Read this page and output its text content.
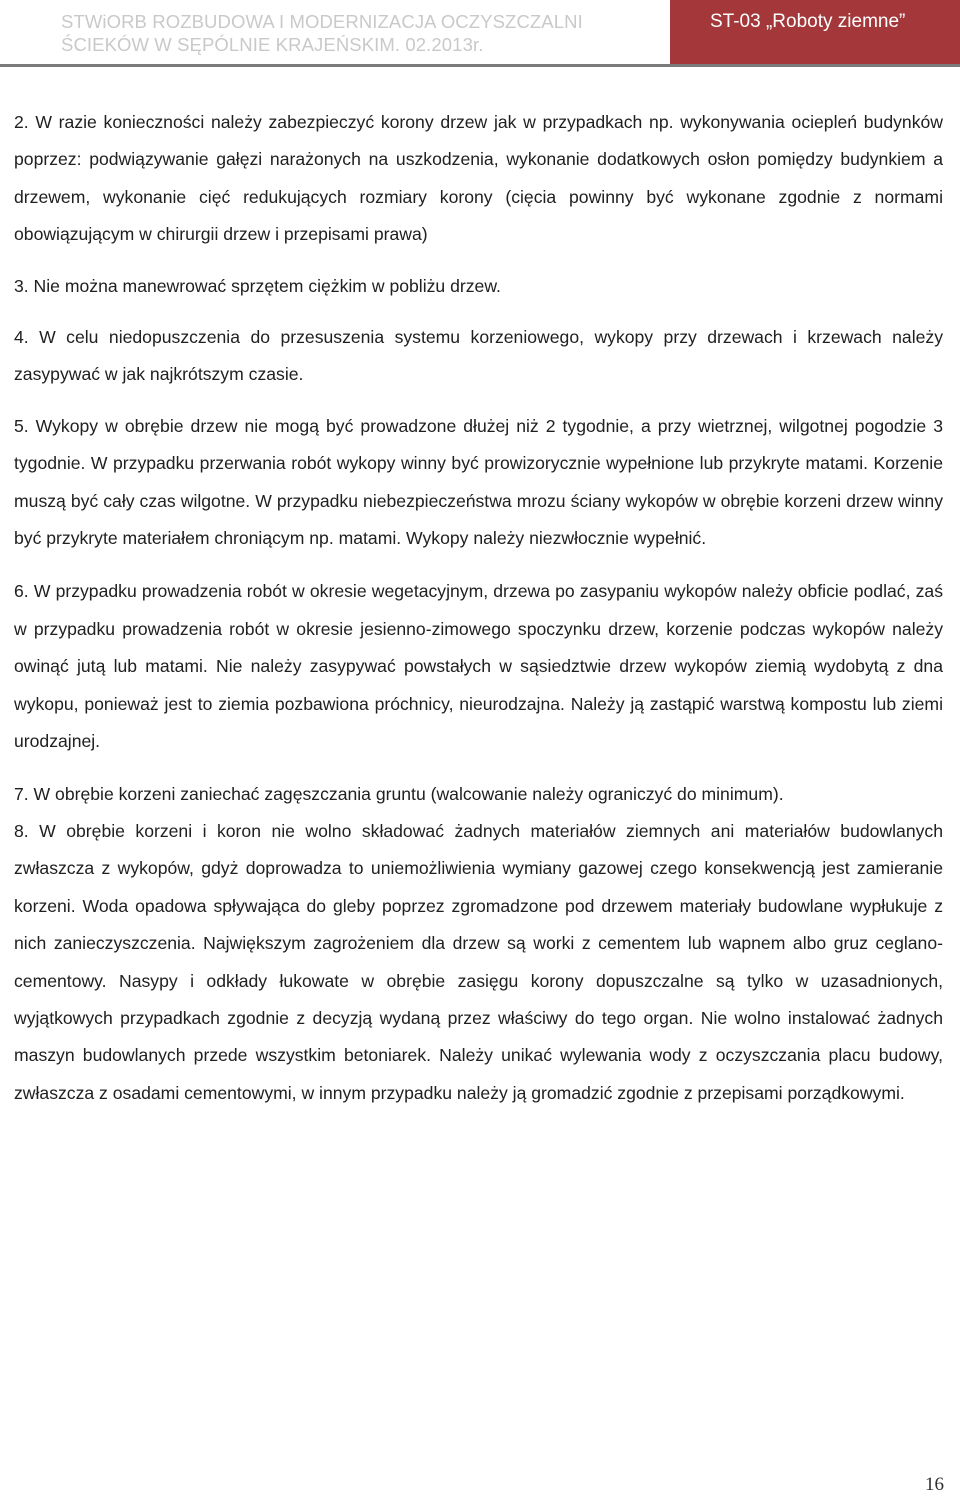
STWiORB ROZBUDOWA I MODERNIZACJA OCZYSZCZALNI
ŚCIEKÓW W SĘPÓLNIE KRAJEŃSKIM. 02.2013r.
ST-03 „Roboty ziemne”

2. W razie konieczności należy zabezpieczyć korony drzew jak w przypadkach np. wykonywania ociepleń budynków poprzez: podwiązywanie gałęzi narażonych na uszkodzenia, wykonanie dodatkowych osłon pomiędzy budynkiem a drzewem, wykonanie cięć redukujących rozmiary korony (cięcia powinny być wykonane zgodnie z normami obowiązującym w chirurgii drzew i przepisami prawa)

3. Nie można manewrować sprzętem ciężkim w pobliżu drzew.

4. W celu niedopuszczenia do przesuszenia systemu korzeniowego, wykopy przy drzewach i krzewach należy zasypywać w jak najkrótszym czasie.

5. Wykopy w obrębie drzew nie mogą być prowadzone dłużej niż 2 tygodnie, a przy wietrznej, wilgotnej pogodzie 3 tygodnie. W przypadku przerwania robót wykopy winny być prowizorycznie wypełnione lub przykryte matami. Korzenie muszą być cały czas wilgotne. W przypadku niebezpieczeństwa mrozu ściany wykopów w obrębie korzeni drzew winny być przykryte materiałem chroniącym np. matami. Wykopy należy niezwłocznie wypełnić.

6. W przypadku prowadzenia robót w okresie wegetacyjnym, drzewa po zasypaniu wykopów należy obficie podlać, zaś w przypadku prowadzenia robót w okresie jesienno-zimowego spoczynku drzew, korzenie podczas wykopów należy owinąć jutą lub matami. Nie należy zasypywać powstałych w sąsiedztwie drzew wykopów ziemią wydobytą z dna wykopu, ponieważ jest to ziemia pozbawiona próchnicy, nieurodzajna. Należy ją zastąpić warstwą kompostu lub ziemi urodzajnej.

7. W obrębie korzeni zaniechać zagęszczania gruntu (walcowanie należy ograniczyć do minimum).

8. W obrębie korzeni i koron nie wolno składować żadnych materiałów ziemnych ani materiałów budowlanych zwłaszcza z wykopów, gdyż doprowadza to uniemożliwienia wymiany gazowej czego konsekwencją jest zamieranie korzeni. Woda opadowa spływająca do gleby poprzez zgromadzone pod drzewem materiały budowlane wypłukuje z nich zanieczyszczenia. Największym zagrożeniem dla drzew są worki z cementem lub wapnem albo gruz ceglano-cementowy. Nasypy i odkłady łukowate w obrębie zasięgu korony dopuszczalne są tylko w uzasadnionych, wyjątkowych przypadkach zgodnie z decyzją wydaną przez właściwy do tego organ. Nie wolno instalować żadnych maszyn budowlanych przede wszystkim betoniarek. Należy unikać wylewania wody z oczyszczania placu budowy, zwłaszcza z osadami cementowymi, w innym przypadku należy ją gromadzić zgodnie z przepisami porządkowymi.

16
